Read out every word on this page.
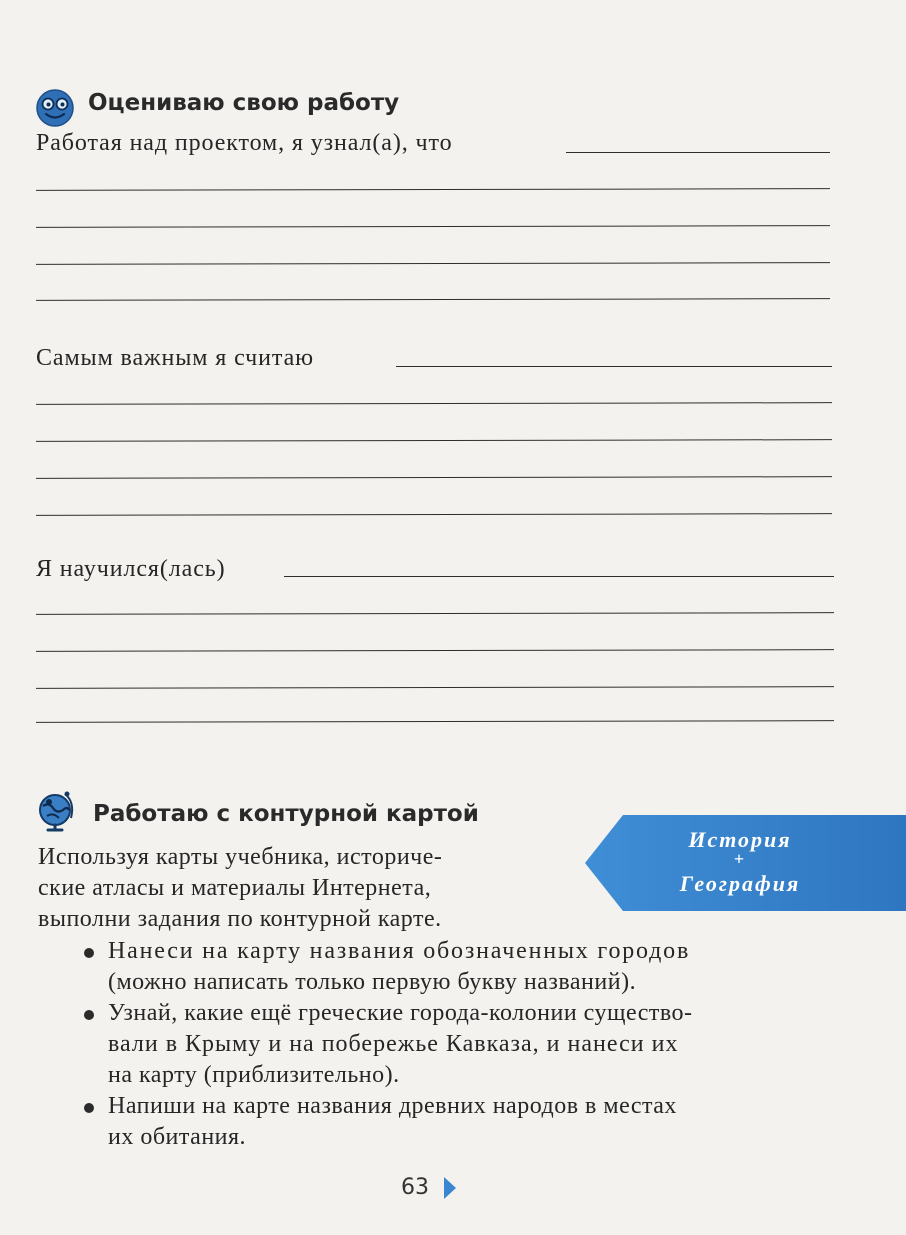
Оцениваю свою работу
Работая над проектом, я узнал(а), что
Самым важным я считаю
Я научился(лась)
Работаю с контурной картой
Используя карты учебника, историче-
ские атласы и материалы Интернета,
выполни задания по контурной карте.
История
+
География
Нанеси на карту названия обозначенных городов
(можно написать только первую букву названий).
Узнай, какие ещё греческие города-колонии существо-
вали в Крыму и на побережье Кавказа, и нанеси их
на карту (приблизительно).
Напиши на карте названия древних народов в местах
их обитания.
63
